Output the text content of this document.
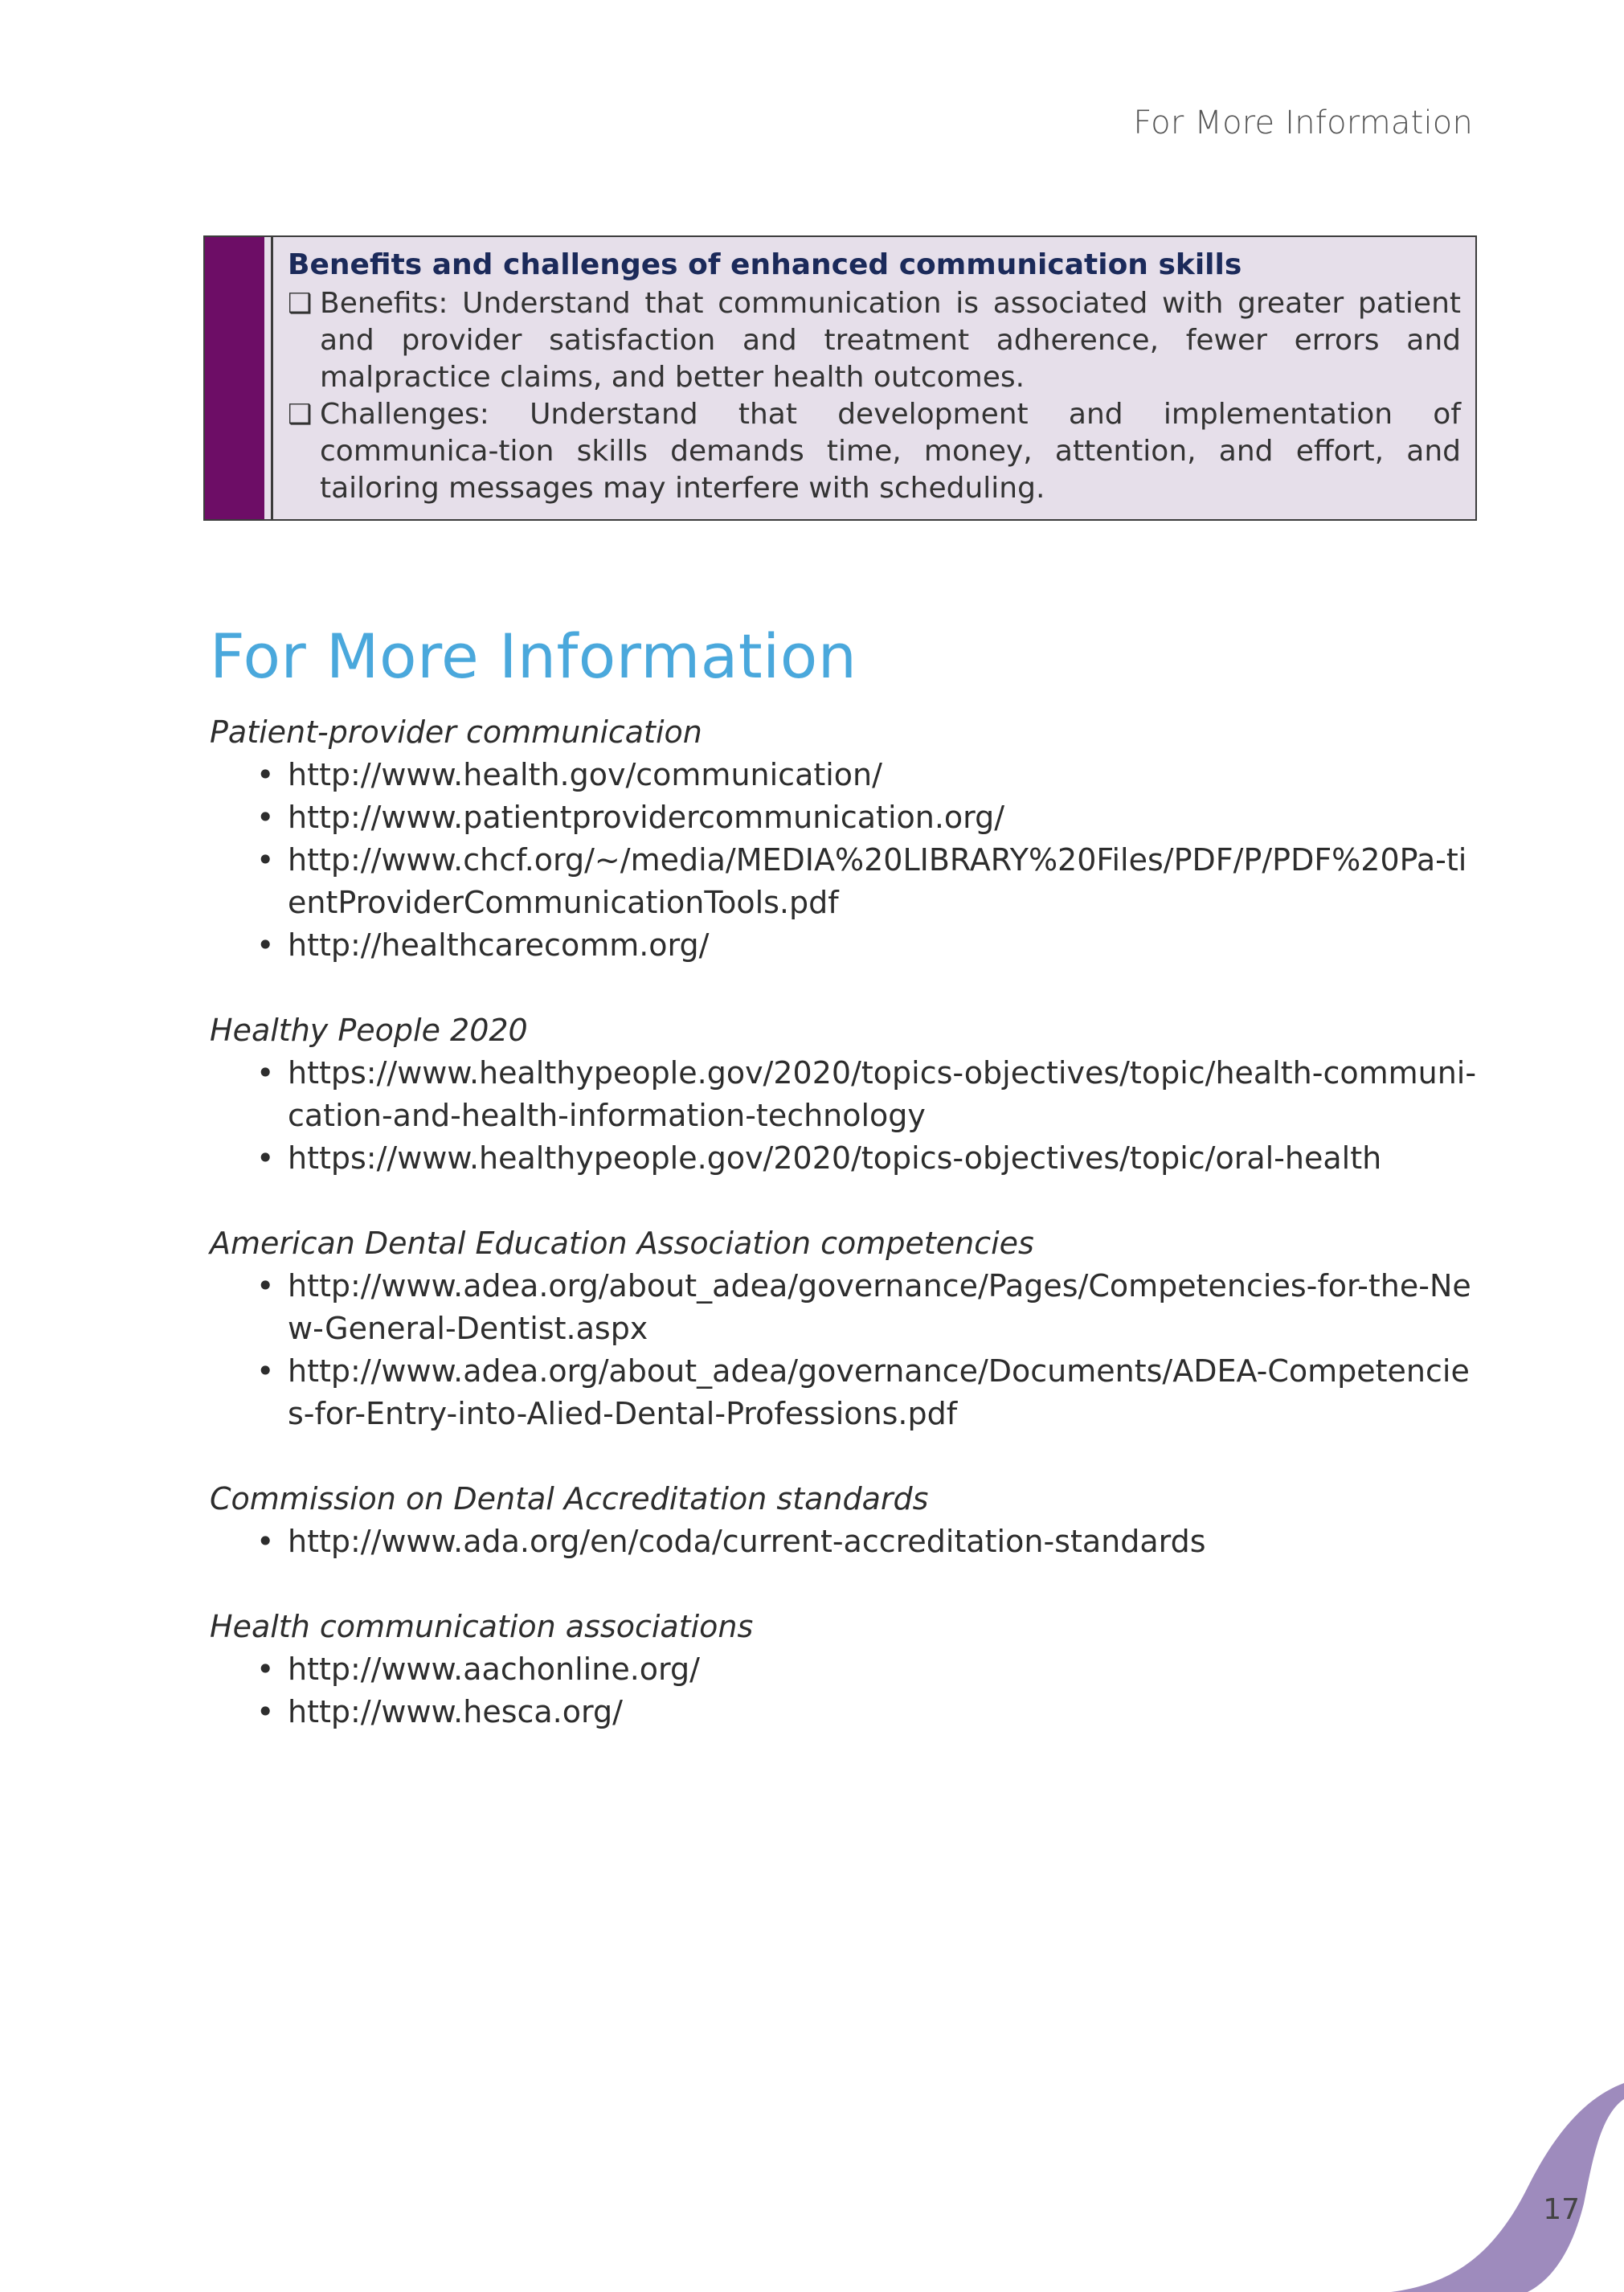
For More Information
Benefits and challenges of enhanced communication skills
❑ Benefits: Understand that communication is associated with greater patient and provider satisfaction and treatment adherence, fewer errors and malpractice claims, and better health outcomes.
❑ Challenges: Understand that development and implementation of communica-tion skills demands time, money, attention, and effort, and tailoring messages may interfere with scheduling.
For More Information
Patient-provider communication
• http://www.health.gov/communication/
• http://www.patientprovidercommunication.org/
• http://www.chcf.org/~/media/MEDIA%20LIBRARY%20Files/PDF/P/PDF%20Pa-tientProviderCommunicationTools.pdf
• http://healthcarecomm.org/
Healthy People 2020
• https://www.healthypeople.gov/2020/topics-objectives/topic/health-communi-cation-and-health-information-technology
• https://www.healthypeople.gov/2020/topics-objectives/topic/oral-health
American Dental Education Association competencies
• http://www.adea.org/about_adea/governance/Pages/Competencies-for-the-New-General-Dentist.aspx
• http://www.adea.org/about_adea/governance/Documents/ADEA-Competencies-for-Entry-into-Alied-Dental-Professions.pdf
Commission on Dental Accreditation standards
• http://www.ada.org/en/coda/current-accreditation-standards
Health communication associations
• http://www.aachonline.org/
• http://www.hesca.org/
17
